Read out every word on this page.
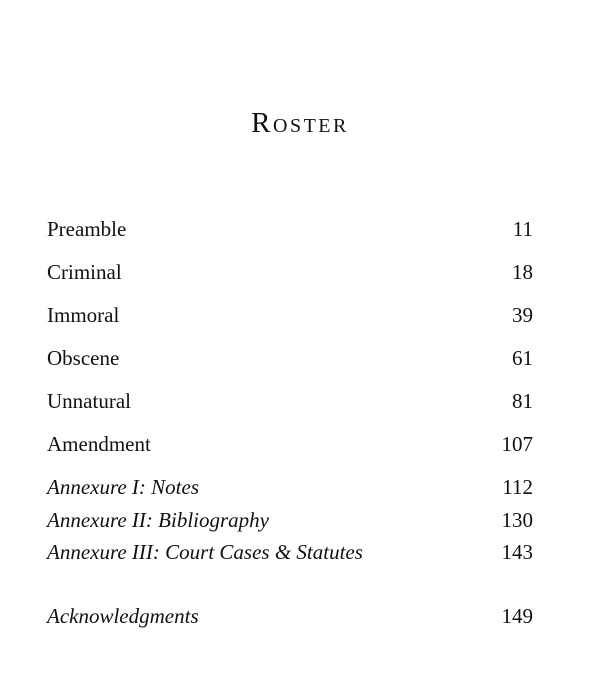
Roster
Preamble	11
Criminal	18
Immoral	39
Obscene	61
Unnatural	81
Amendment	107
Annexure I: Notes	112
Annexure II: Bibliography	130
Annexure III: Court Cases & Statutes	143
Acknowledgments	149
